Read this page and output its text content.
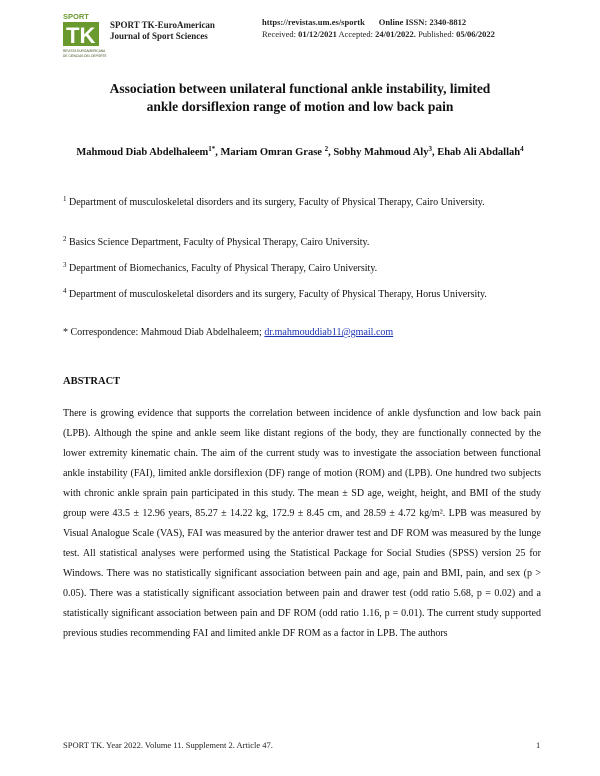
SPORT
TK
REVISTA EUROAMERICANA
DE CIENCIAS DEL DEPORTE
SPORT TK-EuroAmerican
Journal of Sport Sciences
https://revistas.um.es/sportk Online ISSN: 2340-8812
Received: 01/12/2021 Accepted: 24/01/2022. Published: 05/06/2022
Association between unilateral functional ankle instability, limited
ankle dorsiflexion range of motion and low back pain
Mahmoud Diab Abdelhaleem$^{1*}$, Mariam Omran Grase $^2$, Sobhy Mahmoud Aly$^3$, Ehab Ali Abdallah$^4$
$^1$ Department of musculoskeletal disorders and its surgery, Faculty of Physical Therapy, Cairo University.
$^2$ Basics Science Department, Faculty of Physical Therapy, Cairo University.
$^3$ Department of Biomechanics, Faculty of Physical Therapy, Cairo University.
$^4$ Department of musculoskeletal disorders and its surgery, Faculty of Physical Therapy, Horus University.
* Correspondence: Mahmoud Diab Abdelhaleem; dr.mahmouddiab11@gmail.com
ABSTRACT
There is growing evidence that supports the correlation between incidence of ankle dysfunction and low back pain (LPB). Although the spine and ankle seem like distant regions of the body, they are functionally connected by the lower extremity kinematic chain. The aim of the current study was to investigate the association between functional ankle instability (FAI), limited ankle dorsiflexion (DF) range of motion (ROM) and (LPB). One hundred two subjects with chronic ankle sprain pain participated in this study. The mean ± SD age, weight, height, and BMI of the study group were 43.5 ± 12.96 years, 85.27 ± 14.22 kg, 172.9 ± 8.45 cm, and 28.59 ± 4.72 kg/m². LPB was measured by Visual Analogue Scale (VAS), FAI was measured by the anterior drawer test and DF ROM was measured by the lunge test. All statistical analyses were performed using the Statistical Package for Social Studies (SPSS) version 25 for Windows. There was no statistically significant association between pain and age, pain and BMI, pain, and sex (p > 0.05). There was a statistically significant association between pain and drawer test (odd ratio 5.68, p = 0.02) and a statistically significant association between pain and DF ROM (odd ratio 1.16, p = 0.01). The current study supported previous studies recommending FAI and limited ankle DF ROM as a factor in LPB. The authors
SPORT TK. Year 2022. Volume 11. Supplement 2. Article 47.	1
